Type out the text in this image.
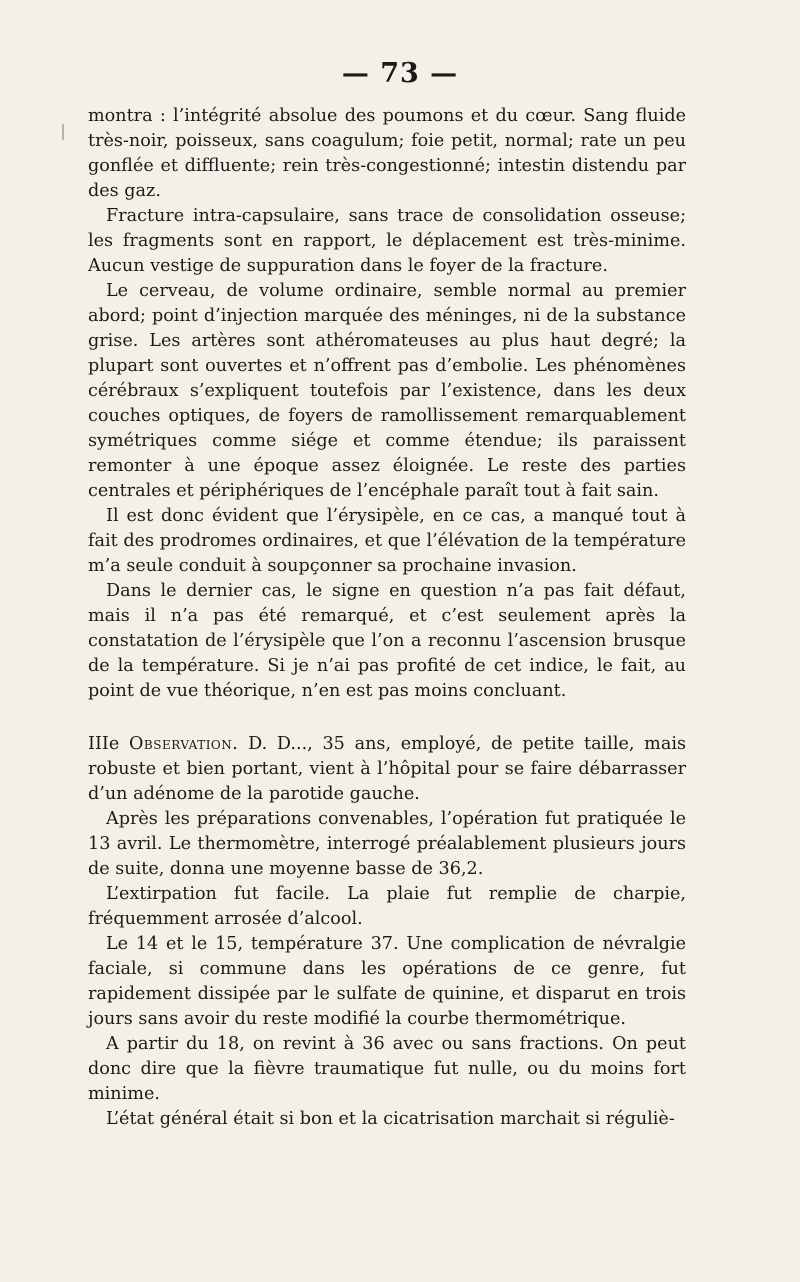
— 73 —

montra : l’intégrité absolue des poumons et du cœur. Sang fluide très-noir, poisseux, sans coagulum; foie petit, normal; rate un peu gonflée et diffluente; rein très-congestionné; intestin distendu par des gaz.

Fracture intra-capsulaire, sans trace de consolidation osseuse; les fragments sont en rapport, le déplacement est très-minime. Aucun vestige de suppuration dans le foyer de la fracture.

Le cerveau, de volume ordinaire, semble normal au premier abord; point d’injection marquée des méninges, ni de la substance grise. Les artères sont athéromateuses au plus haut degré; la plupart sont ouvertes et n’offrent pas d’embolie. Les phénomènes cérébraux s’expliquent toutefois par l’existence, dans les deux couches optiques, de foyers de ramollissement remarquablement symétriques comme siége et comme étendue; ils paraissent remonter à une époque assez éloignée. Le reste des parties centrales et périphériques de l’encéphale paraît tout à fait sain.

Il est donc évident que l’érysipèle, en ce cas, a manqué tout à fait des prodromes ordinaires, et que l’élévation de la température m’a seule conduit à soupçonner sa prochaine invasion.

Dans le dernier cas, le signe en question n’a pas fait défaut, mais il n’a pas été remarqué, et c’est seulement après la constatation de l’érysipèle que l’on a reconnu l’ascension brusque de la température. Si je n’ai pas profité de cet indice, le fait, au point de vue théorique, n’en est pas moins concluant.

IIIe Observation. D. D..., 35 ans, employé, de petite taille, mais robuste et bien portant, vient à l’hôpital pour se faire débarrasser d’un adénome de la parotide gauche.

Après les préparations convenables, l’opération fut pratiquée le 13 avril. Le thermomètre, interrogé préalablement plusieurs jours de suite, donna une moyenne basse de 36,2.

L’extirpation fut facile. La plaie fut remplie de charpie, fréquemment arrosée d’alcool.

Le 14 et le 15, température 37. Une complication de névralgie faciale, si commune dans les opérations de ce genre, fut rapidement dissipée par le sulfate de quinine, et disparut en trois jours sans avoir du reste modifié la courbe thermométrique.

A partir du 18, on revint à 36 avec ou sans fractions. On peut donc dire que la fièvre traumatique fut nulle, ou du moins fort minime.

L’état général était si bon et la cicatrisation marchait si réguliè-
